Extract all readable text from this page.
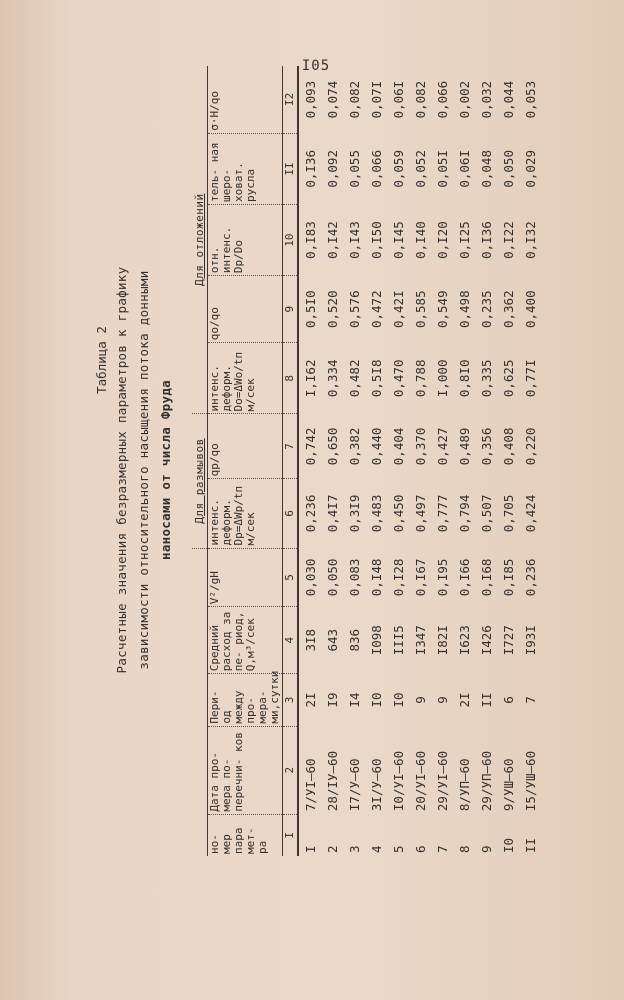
I05
Таблица 2 Расчетные значения безразмерных параметров к графику зависимости относительного насыщения потока донными наносами от числа Фруда
					Для размывов		Для отложений				
но- мер пара мет- ра	Дата про- мера по- перечни- ков	Пери- од между про- мера- ми,сутки	Средний расход за пе- риод, Q,м³/сек	V²/gH	интенс. деформ. Dр=ΔWр/tп м/сек	qр/qo	интенс. деформ. Do=ΔWo/tп м/сек	qo/qo	отн. интенс. Dp/Do	тель- ная шеро- ховат. русла	σ·H/qo
I	2	3	4	5	6	7	8	9	10	II	I2
I	7/УI–60	2I	3I8	0,030	0,236	0,742	I,I62	0,5I0	0,I83	0,I36	0,093
2	28/IУ–60	I9	643	0,050	0,4I7	0,650	0,334	0,520	0,I42	0,092	0,074
3	I7/У–60	I4	836	0,083	0,3I9	0,382	0,482	0,576	0,I43	0,055	0,082
4	3I/У–60	I0	I098	0,I48	0,483	0,440	0,5I8	0,472	0,I50	0,066	0,07I
5	I0/УI–60	I0	III5	0,I28	0,450	0,404	0,470	0,42I	0,I45	0,059	0,06I
6	20/УI–60	9	I347	0,I67	0,497	0,370	0,788	0,585	0,I40	0,052	0,082
7	29/УI–60	9	I82I	0,I95	0,777	0,427	I,000	0,549	0,I20	0,05I	0,066
8	8/УП–60	2I	I623	0,I66	0,794	0,489	0,8I0	0,498	0,I25	0,06I	0,002
9	29/УП–60	II	I426	0,I68	0,507	0,356	0,335	0,235	0,I36	0,048	0,032
I0	9/УШ–60	6	I727	0,I85	0,705	0,408	0,625	0,362	0,I22	0,050	0,044
II	I5/УШ–60	7	I93I	0,236	0,424	0,220	0,77I	0,400	0,I32	0,029	0,053
